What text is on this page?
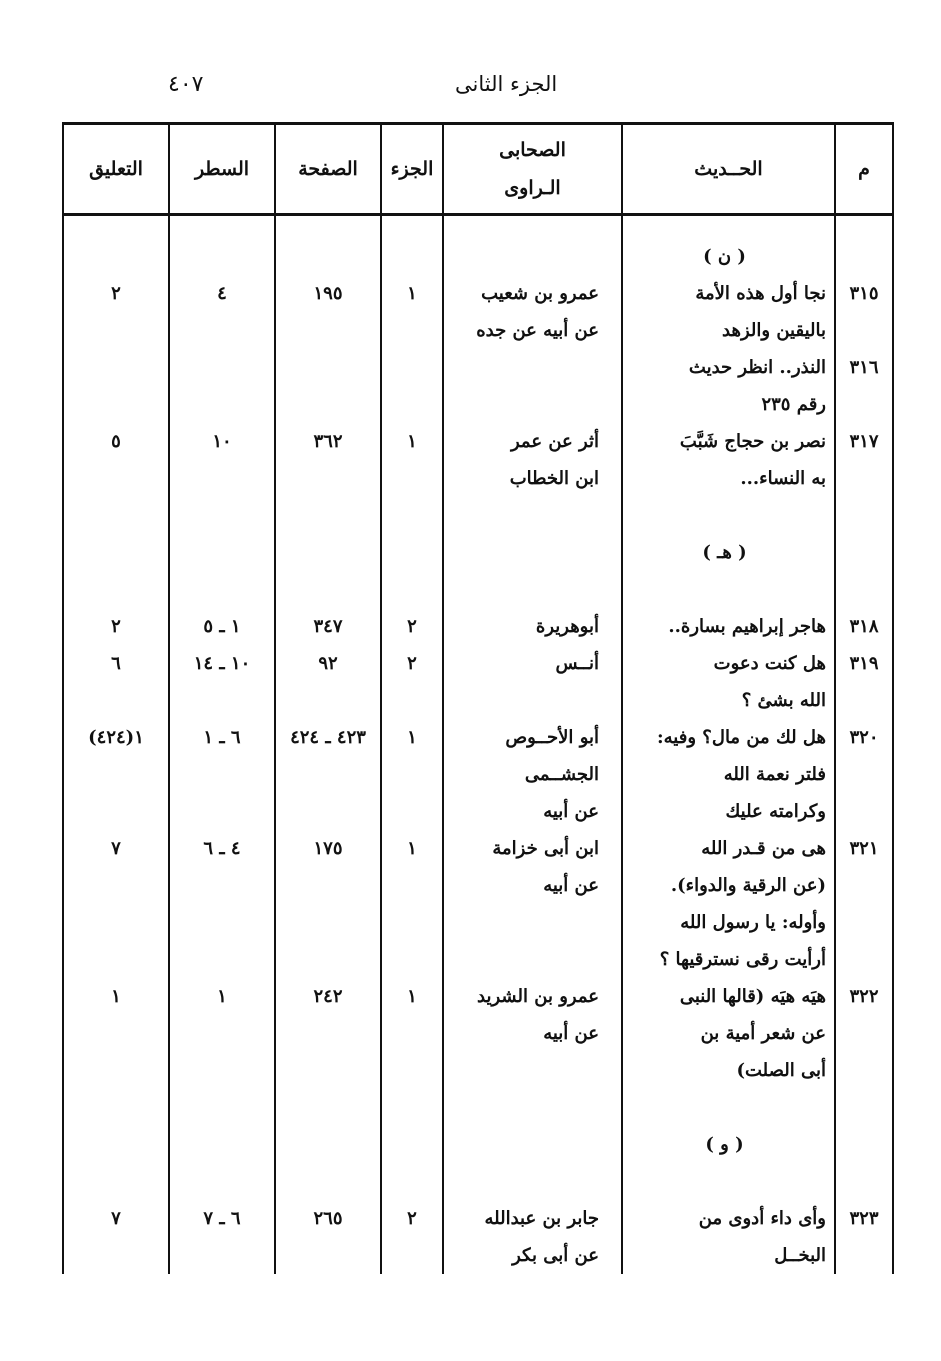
٤٠٧	الجزء الثانى
م	الحــديث	الصحابى
الـراوى	الجزء	الصفحة	السطر	التعليق

	( ن )					
٣١٥	نجا أول هذه الأمة	عمرو بن شعيب	١	١٩٥	٤	٢
	باليقين والزهد	عن أبيه عن جده				
٣١٦	النذر.. انظر حديث					
	رقم ٢٣٥					
٣١٧	نصر بن حجاج شَبَّبَ	أثر عن عمر	١	٣٦٢	١٠	٥
	به النساء...	ابن الخطاب				

	( هـ )					

٣١٨	هاجر إبراهيم بسارة..	أبوهريرة	٢	٣٤٧	١ ـ ٥	٢
٣١٩	هل كنت دعوت	أنــس	٢	٩٢	١٠ ـ ١٤	٦
	الله بشئ ؟					
٣٢٠	هل لك من مال؟ وفيه:	أبو الأحــوص	١	٤٢٣ ـ ٤٢٤	٦ ـ ١	١(٤٢٤)
	فلتر نعمة الله	الجشــمى				
	وكرامته عليك	عن أبيه				
٣٢١	هى من قـدر الله	ابن أبى خزامة	١	١٧٥	٤ ـ ٦	٧
	(عن الرقية والدواء).	عن أبيه				
	وأوله: يا رسول الله					
	أرأيت رقى نسترقيها ؟					
٣٢٢	هيَه هيَه (قالها النبى	عمرو بن الشريد	١	٢٤٢	١	١
	عن شعر أمية بن	عن أبيه				
	أبى الصلت)					

	( و )					

٣٢٣	وأى داء أدوى من	جابر بن عبدالله	٢	٢٦٥	٦ ـ ٧	٧
	البخــل	عن أبى بكر				
